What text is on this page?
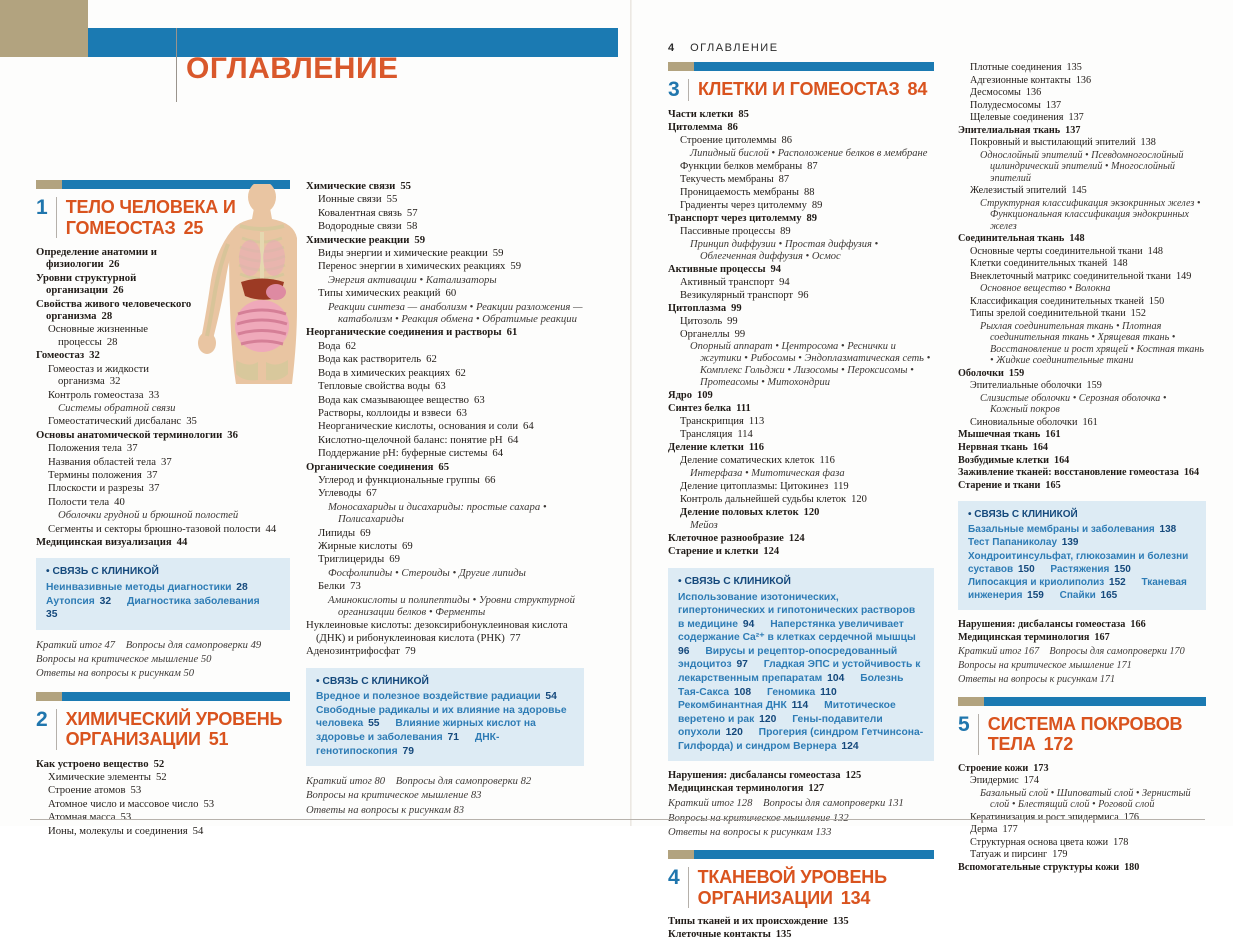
ОГЛАВЛЕНИЕ
1 ТЕЛО ЧЕЛОВЕКА И ГОМЕОСТАЗ 25
Определение анатомии и физиологии 26
Уровни структурной организации 26
Свойства живого человеческого организма 28
Основные жизненные процессы 28
Гомеостаз 32
Гомеостаз и жидкости организма 32
Контроль гомеостаза 33
Системы обратной связи
Гомеостатический дисбаланс 35
Основы анатомической терминологии 36
Положения тела 37
Названия областей тела 37
Термины положения 37
Плоскости и разрезы 37
Полости тела 40
Оболочки грудной и брюшной полостей
Сегменты и секторы брюшно-тазовой полости 44
Медицинская визуализация 44
• СВЯЗЬ С КЛИНИКОЙ
Неинвазивные методы диагностики 28 Аутопсия 32 Диагностика заболевания 35
Краткий итог 47 Вопросы для самопроверки 49
Вопросы на критическое мышление 50
Ответы на вопросы к рисункам 50
2 ХИМИЧЕСКИЙ УРОВЕНЬ ОРГАНИЗАЦИИ 51
Как устроено вещество 52
Химические элементы 52
Строение атомов 53
Атомное число и массовое число 53
Атомная масса 53
Ионы, молекулы и соединения 54
Химические связи 55
Ионные связи 55
Ковалентная связь 57
Водородные связи 58
Химические реакции 59
Виды энергии и химические реакции 59
Перенос энергии в химических реакциях 59
Энергия активации • Катализаторы
Типы химических реакций 60
Реакции синтеза — анаболизм • Реакции разложения — катаболизм • Реакция обмена • Обратимые реакции
Неорганические соединения и растворы 61
Вода 62
Вода как растворитель 62
Вода в химических реакциях 62
Тепловые свойства воды 63
Вода как смазывающее вещество 63
Растворы, коллоиды и взвеси 63
Неорганические кислоты, основания и соли 64
Кислотно-щелочной баланс: понятие pH 64
Поддержание pH: буферные системы 64
Органические соединения 65
Углерод и функциональные группы 66
Углеводы 67
Моносахариды и дисахариды: простые сахара • Полисахариды
Липиды 69
Жирные кислоты 69
Триглицериды 69
Фосфолипиды • Стероиды • Другие липиды
Белки 73
Аминокислоты и полипептиды • Уровни структурной организации белков • Ферменты
Нуклеиновые кислоты: дезоксирибонуклеиновая кислота (ДНК) и рибонуклеиновая кислота (РНК) 77
Аденозинтрифосфат 79
• СВЯЗЬ С КЛИНИКОЙ
Вредное и полезное воздействие радиации 54 Свободные радикалы и их влияние на здоровье человека 55 Влияние жирных кислот на здоровье и заболевания 71 ДНК-генотипоскопия 79
Краткий итог 80 Вопросы для самопроверки 82
Вопросы на критическое мышление 83
Ответы на вопросы к рисункам 83
4 ОГЛАВЛЕНИЕ
3 КЛЕТКИ И ГОМЕОСТАЗ 84
Части клетки 85
Цитолемма 86
Строение цитолеммы 86
Липидный бислой • Расположение белков в мембране
Функции белков мембраны 87
Текучесть мембраны 87
Проницаемость мембраны 88
Градиенты через цитолемму 89
Транспорт через цитолемму 89
Пассивные процессы 89
Принцип диффузии • Простая диффузия • Облегченная диффузия • Осмос
Активные процессы 94
Активный транспорт 94
Везикулярный транспорт 96
Цитоплазма 99
Цитозоль 99
Органеллы 99
Опорный аппарат • Центросома • Реснички и жгутики • Рибосомы • Эндоплазматическая сеть • Комплекс Гольджи • Лизосомы • Пероксисомы • Протеасомы • Митохондрии
Ядро 109
Синтез белка 111
Транскрипция 113
Трансляция 114
Деление клетки 116
Деление соматических клеток 116
Интерфаза • Митотическая фаза
Деление цитоплазмы: Цитокинез 119
Контроль дальнейшей судьбы клеток 120
Деление половых клеток 120
Мейоз
Клеточное разнообразие 124
Старение и клетки 124
• СВЯЗЬ С КЛИНИКОЙ
Использование изотонических, гипертонических и гипотонических растворов в медицине 94 Наперстянка увеличивает содержание Ca²⁺ в клетках сердечной мышцы 96 Вирусы и рецептор-опосредованный эндоцитоз 97 Гладкая ЭПС и устойчивость к лекарственным препаратам 104 Болезнь Тая-Сакса 108 Геномика 110 Рекомбинантная ДНК 114 Митотическое веретено и рак 120 Гены-подавители опухоли 120 Прогерия (синдром Гетчинсона-Гилфорда) и синдром Вернера 124
Нарушения: дисбалансы гомеостаза 125
Медицинская терминология 127
Краткий итог 128 Вопросы для самопроверки 131
Вопросы на критическое мышление 132
Ответы на вопросы к рисункам 133
4 ТКАНЕВОЙ УРОВЕНЬ ОРГАНИЗАЦИИ 134
Типы тканей и их происхождение 135
Клеточные контакты 135
Плотные соединения 135
Адгезионные контакты 136
Десмосомы 136
Полудесмосомы 137
Щелевые соединения 137
Эпителиальная ткань 137
Покровный и выстилающий эпителий 138
Однослойный эпителий • Псевдомногослойный цилиндрический эпителий • Многослойный эпителий
Железистый эпителий 145
Структурная классификация экзокринных желез • Функциональная классификация эндокринных желез
Соединительная ткань 148
Основные черты соединительной ткани 148
Клетки соединительных тканей 148
Внеклеточный матрикс соединительной ткани 149
Основное вещество • Волокна
Классификация соединительных тканей 150
Типы зрелой соединительной ткани 152
Рыхлая соединительная ткань • Плотная соединительная ткань • Хрящевая ткань • Восстановление и рост хрящей • Костная ткань • Жидкие соединительные ткани
Оболочки 159
Эпителиальные оболочки 159
Слизистые оболочки • Серозная оболочка • Кожный покров
Синовиальные оболочки 161
Мышечная ткань 161
Нервная ткань 164
Возбудимые клетки 164
Заживление тканей: восстановление гомеостаза 164
Старение и ткани 165
• СВЯЗЬ С КЛИНИКОЙ
Базальные мембраны и заболевания 138 Тест Папаниколау 139 Хондроитинсульфат, глюкозамин и болезни суставов 150 Растяжения 150 Липосакция и криолиполиз 152 Тканевая инженерия 159 Спайки 165
Нарушения: дисбалансы гомеостаза 166
Медицинская терминология 167
Краткий итог 167 Вопросы для самопроверки 170
Вопросы на критическое мышление 171
Ответы на вопросы к рисункам 171
5 СИСТЕМА ПОКРОВОВ ТЕЛА 172
Строение кожи 173
Эпидермис 174
Базальный слой • Шиповатый слой • Зернистый слой • Блестящий слой • Роговой слой
Кератинизация и рост эпидермиса 176
Дерма 177
Структурная основа цвета кожи 178
Татуаж и пирсинг 179
Вспомогательные структуры кожи 180
